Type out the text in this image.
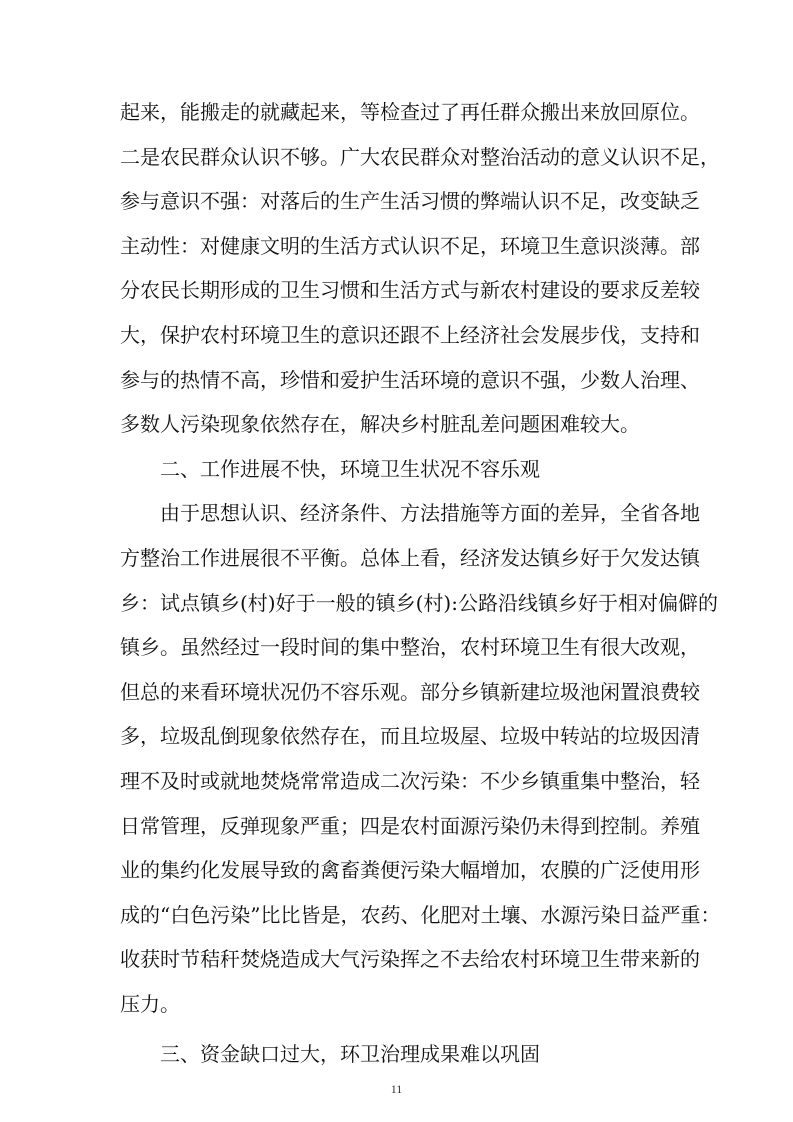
起来，能搬走的就藏起来，等检查过了再任群众搬出来放回原位。
二是农民群众认识不够。广大农民群众对整治活动的意义认识不足，
参与意识不强：对落后的生产生活习惯的弊端认识不足，改变缺乏
主动性：对健康文明的生活方式认识不足，环境卫生意识淡薄。部
分农民长期形成的卫生习惯和生活方式与新农村建设的要求反差较
大，保护农村环境卫生的意识还跟不上经济社会发展步伐，支持和
参与的热情不高，珍惜和爱护生活环境的意识不强，少数人治理、
多数人污染现象依然存在，解决乡村脏乱差问题困难较大。
二、工作进展不快，环境卫生状况不容乐观
由于思想认识、经济条件、方法措施等方面的差异，全省各地
方整治工作进展很不平衡。总体上看，经济发达镇乡好于欠发达镇
乡：试点镇乡(村)好于一般的镇乡(村):公路沿线镇乡好于相对偏僻的
镇乡。虽然经过一段时间的集中整治，农村环境卫生有很大改观，
但总的来看环境状况仍不容乐观。部分乡镇新建垃圾池闲置浪费较
多，垃圾乱倒现象依然存在，而且垃圾屋、垃圾中转站的垃圾因清
理不及时或就地焚烧常常造成二次污染：不少乡镇重集中整治，轻
日常管理，反弹现象严重；四是农村面源污染仍未得到控制。养殖
业的集约化发展导致的禽畜粪便污染大幅增加，农膜的广泛使用形
成的“白色污染”比比皆是，农药、化肥对土壤、水源污染日益严重：
收获时节秸秆焚烧造成大气污染挥之不去给农村环境卫生带来新的
压力。
三、资金缺口过大，环卫治理成果难以巩固
11
